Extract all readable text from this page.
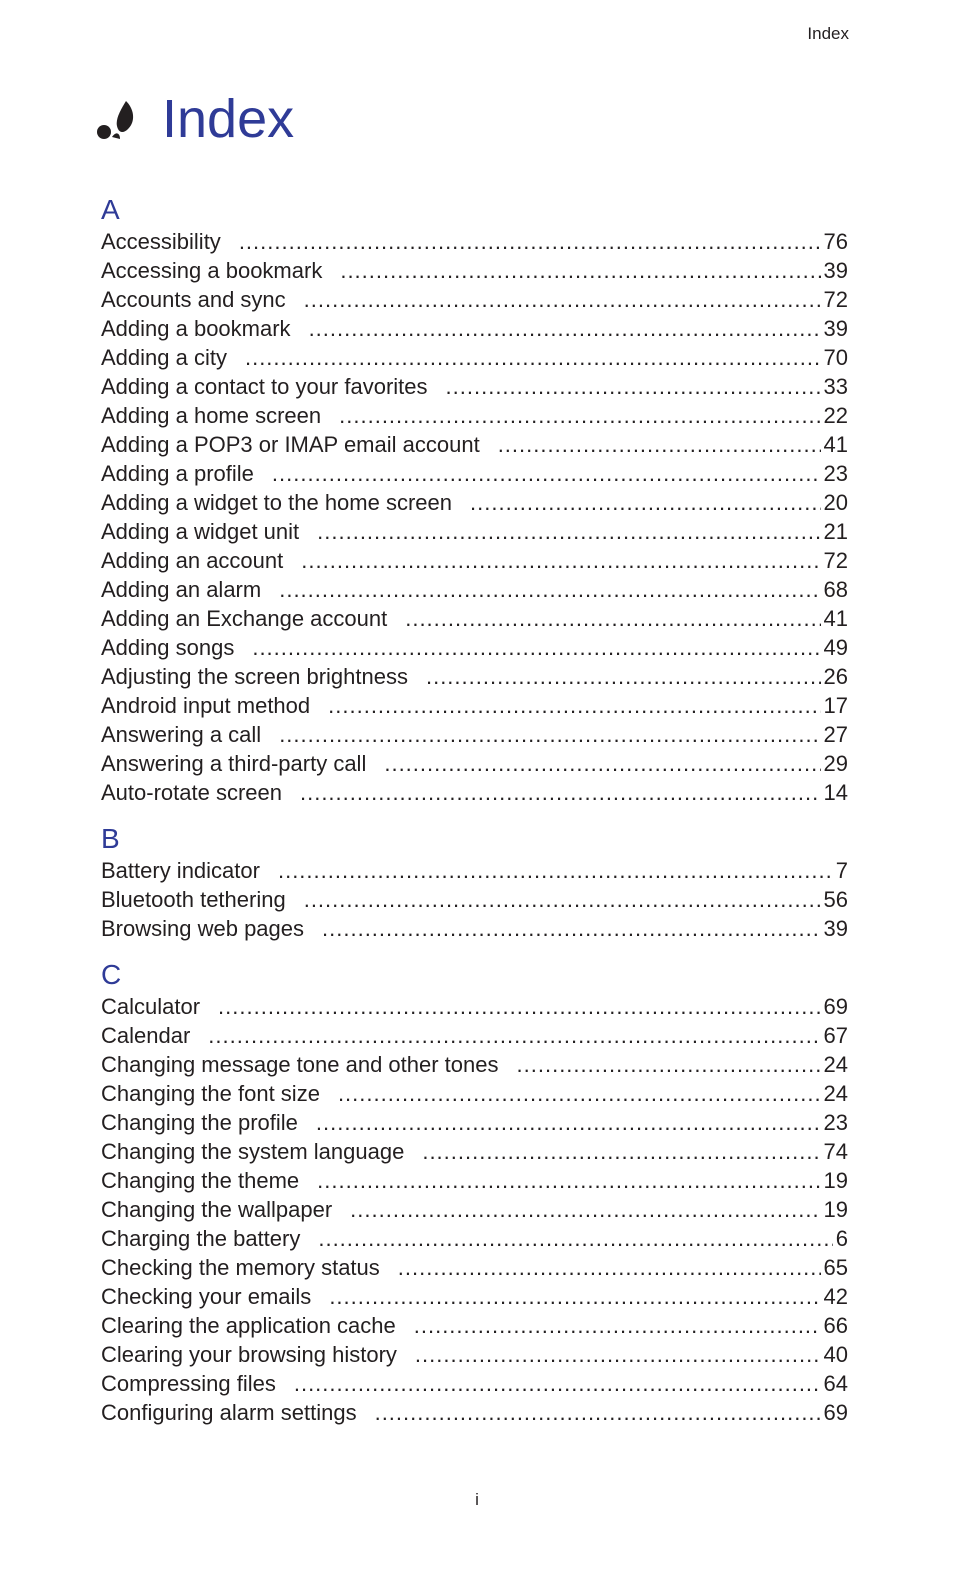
Index
Index
A
Accessibility .....	76
Accessing a bookmark .....	39
Accounts and sync .....	72
Adding a bookmark .....	39
Adding a city .....	70
Adding a contact to your favorites .....	33
Adding a home screen .....	22
Adding a POP3 or IMAP email account .....	41
Adding a profile .....	23
Adding a widget to the home screen .....	20
Adding a widget unit .....	21
Adding an account .....	72
Adding an alarm .....	68
Adding an Exchange account .....	41
Adding songs .....	49
Adjusting the screen brightness .....	26
Android input method .....	17
Answering a call .....	27
Answering a third-party call .....	29
Auto-rotate screen .....	14
B
Battery indicator .....	7
Bluetooth tethering .....	56
Browsing web pages .....	39
C
Calculator .....	69
Calendar .....	67
Changing message tone and other tones .....	24
Changing the font size .....	24
Changing the profile .....	23
Changing the system language .....	74
Changing the theme .....	19
Changing the wallpaper .....	19
Charging the battery .....	6
Checking the memory status .....	65
Checking your emails .....	42
Clearing the application cache .....	66
Clearing your browsing history .....	40
Compressing files .....	64
Configuring alarm settings .....	69
i
